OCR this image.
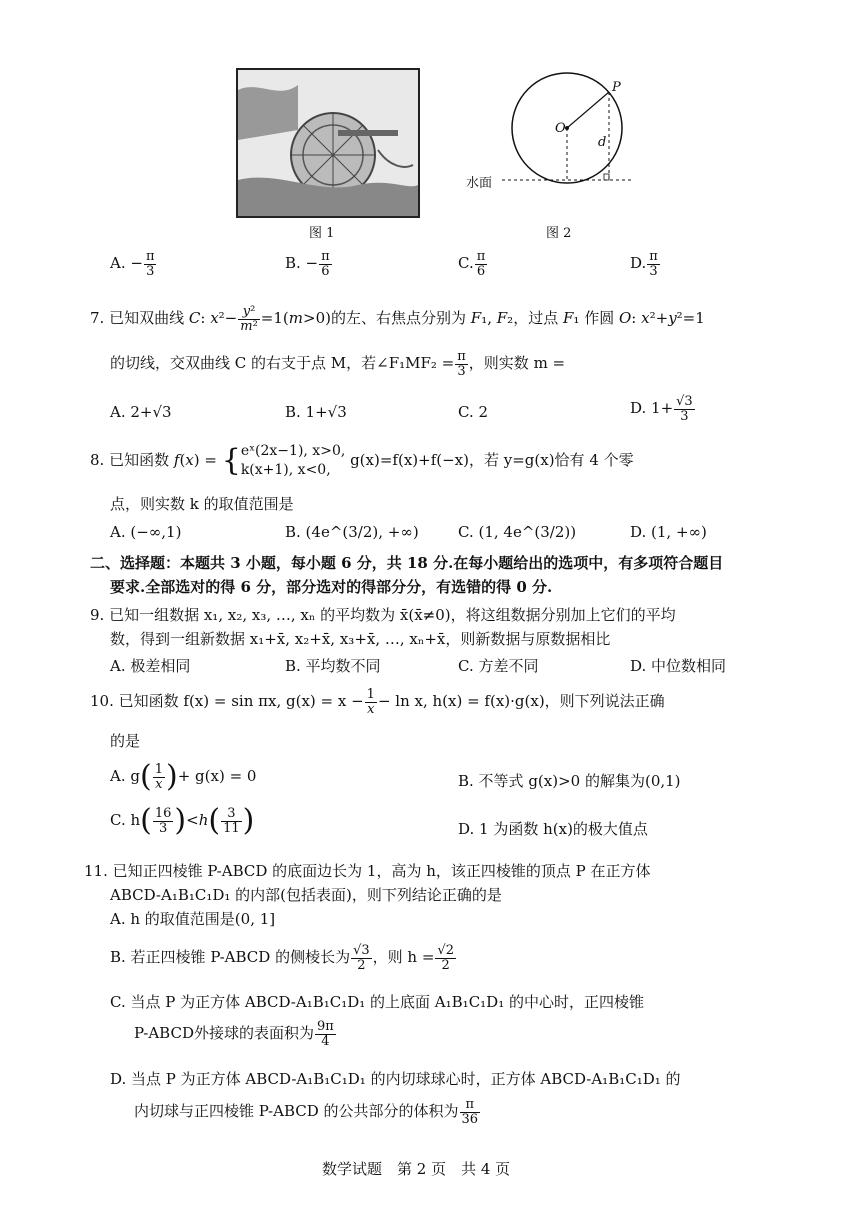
图 1
P
O
d
水面
图 2
A. − $\frac{\pi}{3}$	B. − $\frac{\pi}{6}$	C. $\frac{\pi}{6}$	D. $\frac{\pi}{3}$
7. 已知双曲线 C: $x^2- \frac{\text{y²}}{\text{m²}} =1(m>0)$的左、右焦点分别为 F₁, F₂，过点 F₁ 作圆 O: x²+y²=1
的切线，交双曲线 C 的右支于点 M，若∠F₁MF₂ = $\frac{\pi}{3}$ ，则实数 m =
A. 2+√3	B. 1+√3	C. 2	D. $1+ \frac{√3}{3}$
8. 已知函数 f(x) = { eˣ(2x−1), x>0,
k(x+1), x<0,
g(x)=f(x)+f(−x)，若 y=g(x)恰有 4 个零
点，则实数 k 的取值范围是
A. (−∞,1)	B. (4e^(3/2), +∞)	C. (1, 4e^(3/2))	D. (1, +∞)
二、选择题：本题共 3 小题，每小题 6 分，共 18 分.在每小题给出的选项中，有多项符合题目
要求.全部选对的得 6 分，部分选对的得部分分，有选错的得 0 分.
9. 已知一组数据 x₁, x₂, x₃, …, xₙ 的平均数为 x̄(x̄≠0)，将这组数据分别加上它们的平均
数，得到一组新数据 x₁+x̄, x₂+x̄, x₃+x̄, …, xₙ+x̄，则新数据与原数据相比
A. 极差相同	B. 平均数不同	C. 方差不同	D. 中位数相同
10. 已知函数 f(x) = sin πx, $g(x) = x - \frac{1}{x} - \ln x$, h(x) = f(x)·g(x)，则下列说法正确
的是
A. $g( \frac{1}{x}$ )+ g(x) = 0	B. 不等式 g(x)>0 的解集为(0,1)
C. $h( \frac{16}{3} )<h( \frac{3}{11}$ )	D. 1 为函数 h(x)的极大值点
11. 已知正四棱锥 P-ABCD 的底面边长为 1，高为 h，该正四棱锥的顶点 P 在正方体
ABCD-A₁B₁C₁D₁ 的内部(包括表面)，则下列结论正确的是
A. h 的取值范围是(0, 1]
B. 若正四棱锥 P-ABCD 的侧棱长为 $\frac{√3}{2}$ ，则 $h = \frac{√2}{2}$
C. 当点 P 为正方体 ABCD-A₁B₁C₁D₁ 的上底面 A₁B₁C₁D₁ 的中心时，正四棱锥
P-ABCD外接球的表面积为 $\frac{9\pi}{4}$
D. 当点 P 为正方体 ABCD-A₁B₁C₁D₁ 的内切球球心时，正方体 ABCD-A₁B₁C₁D₁ 的
内切球与正四棱锥 P-ABCD 的公共部分的体积为 $\frac{\pi}{36}$
数学试题　第 2 页　共 4 页
